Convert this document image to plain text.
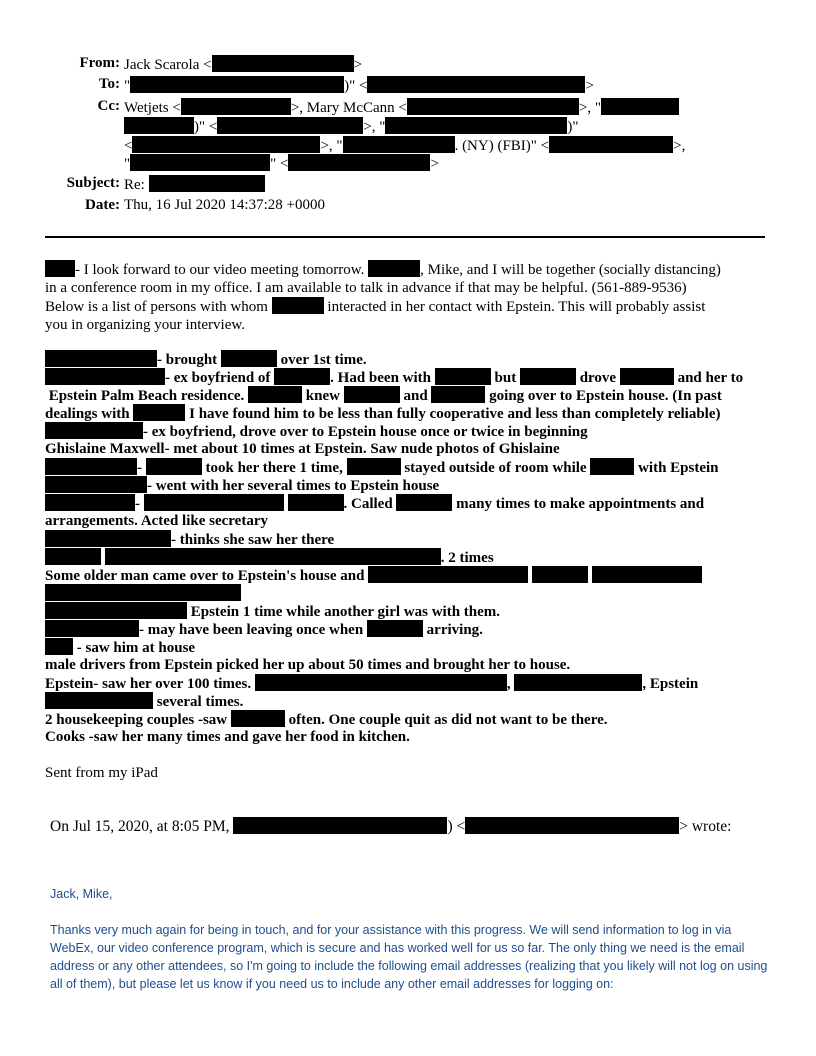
From: Jack Scarola <	>
To: "	)" <	>
Cc: Wetjets <	>, Mary McCann <	>, "
)" <	>, "	)"
<	>, "	. (NY) (FBI)" <	>,
"	" <	>
Subject: Re:
Date: Thu, 16 Jul 2020 14:37:28 +0000
- I look forward to our video meeting tomorrow.	, Mike, and I will be together (socially distancing)
in a conference room in my office. I am available to talk in advance if that may be helpful. (561-889-9536)
Below is a list of persons with whom	interacted in her contact with Epstein. This will probably assist
you in organizing your interview.
- brought	over 1st time.
- ex boyfriend of	. Had been with	but	drove	and her to
Epstein Palm Beach residence.	knew	and	going over to Epstein house. (In past
dealings with	I have found him to be less than fully cooperative and less than completely reliable)
- ex boyfriend, drove over to Epstein house once or twice in beginning
Ghislaine Maxwell- met about 10 times at Epstein. Saw nude photos of Ghislaine
-	took her there 1 time,	stayed outside of room while	with Epstein
- went with her several times to Epstein house
-	. Called	many times to make appointments and
arrangements. Acted like secretary
- thinks she saw her there
. 2 times
Some older man came over to Epstein's house and
Epstein 1 time while another girl was with them.
- may have been leaving once when	arriving.
- saw him at house
male drivers from Epstein picked her up about 50 times and brought her to house.
Epstein- saw her over 100 times.	,	, Epstein
several times.
2 housekeeping couples -saw	often. One couple quit as did not want to be there.
Cooks -saw her many times and gave her food in kitchen.
Sent from my iPad
On Jul 15, 2020, at 8:05 PM,	) <	> wrote:
Jack, Mike,
Thanks very much again for being in touch, and for your assistance with this progress. We will send information to log in via WebEx, our video conference program, which is secure and has worked well for us so far. The only thing we need is the email address or any other attendees, so I'm going to include the following email addresses (realizing that you likely will not log on using all of them), but please let us know if you need us to include any other email addresses for logging on:
